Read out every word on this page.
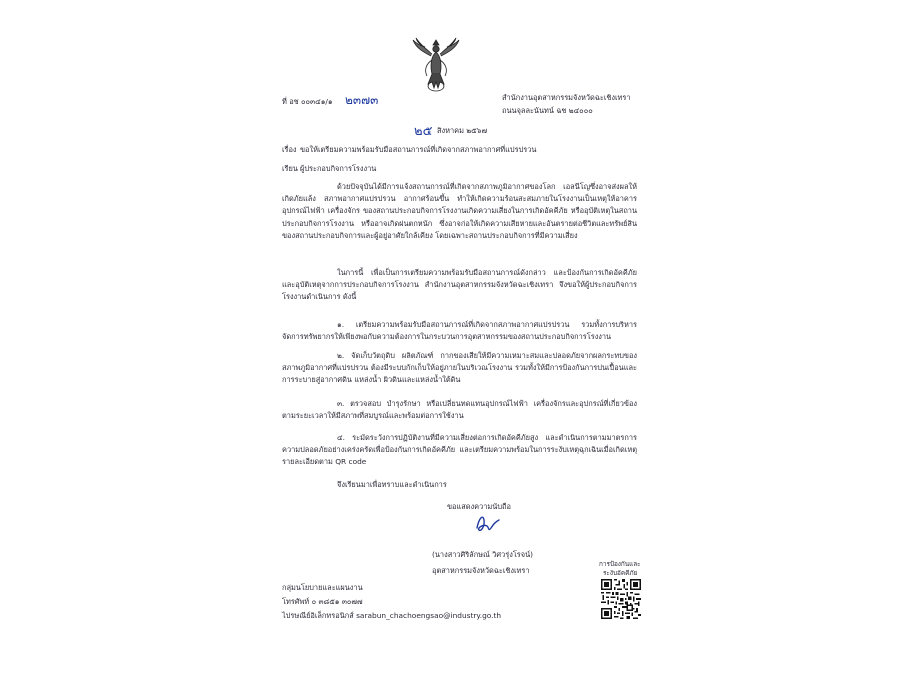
ที่ อช ๐๐๓๔๑/๑ ๒๓๗๓	สำนักงานอุตสาหกรรมจังหวัดฉะเชิงเทรา
ถนนจุลละนันทน์ ฉช ๒๔๐๐๐
๒๕ สิงหาคม ๒๕๖๗
เรื่อง ขอให้เตรียมความพร้อมรับมือสถานการณ์ที่เกิดจากสภาพอากาศที่แปรปรวน
เรียน ผู้ประกอบกิจการโรงงาน
ด้วยปัจจุบันได้มีการแจ้งสถานการณ์ที่เกิดจากสภาพภูมิอากาศของโลก เอลนีโญซึ่งอาจส่งผลให้เกิดภัยแล้ง สภาพอากาศแปรปรวน อากาศร้อนขึ้น ทำให้เกิดความร้อนสะสมภายในโรงงานเป็นเหตุให้อาคาร อุปกรณ์ไฟฟ้า เครื่องจักร ของสถานประกอบกิจการโรงงานเกิดความเสี่ยงในการเกิดอัคคีภัย หรืออุบัติเหตุในสถานประกอบกิจการโรงงาน หรืออาจเกิดฝนตกหนัก ซึ่งอาจก่อให้เกิดความเสียหายและอันตรายต่อชีวิตและทรัพย์สินของสถานประกอบกิจการและผู้อยู่อาศัยใกล้เคียง โดยเฉพาะสถานประกอบกิจการที่มีความเสี่ยง
ในการนี้ เพื่อเป็นการเตรียมความพร้อมรับมือสถานการณ์ดังกล่าว และป้องกันการเกิดอัคคีภัยและอุบัติเหตุจากการประกอบกิจการโรงงาน สำนักงานอุตสาหกรรมจังหวัดฉะเชิงเทรา จึงขอให้ผู้ประกอบกิจการโรงงานดำเนินการ ดังนี้
๑. เตรียมความพร้อมรับมือสถานการณ์ที่เกิดจากสภาพอากาศแปรปรวน รวมทั้งการบริหารจัดการทรัพยากรให้เพียงพอกับความต้องการในกระบวนการอุตสาหกรรมของสถานประกอบกิจการโรงงาน
๒. จัดเก็บวัตถุดิบ ผลิตภัณฑ์ กากของเสียให้มีความเหมาะสมและปลอดภัยจากผลกระทบของสภาพภูมิอากาศที่แปรปรวน ต้องมีระบบกักเก็บให้อยู่ภายในบริเวณโรงงาน รวมทั้งให้มีการป้องกันการปนเปื้อนและการระบายสู่อากาศดิน แหล่งน้ำ ผิวดินและแหล่งน้ำใต้ดิน
๓. ตรวจสอบ บำรุงรักษา หรือเปลี่ยนทดแทนอุปกรณ์ไฟฟ้า เครื่องจักรและอุปกรณ์ที่เกี่ยวข้องตามระยะเวลาให้มีสภาพที่สมบูรณ์และพร้อมต่อการใช้งาน
๔. ระมัดระวังการปฏิบัติงานที่มีความเสี่ยงต่อการเกิดอัคคีภัยสูง และดำเนินการตามมาตรการความปลอดภัยอย่างเคร่งครัดเพื่อป้องกันการเกิดอัคคีภัย และเตรียมความพร้อมในการระงับเหตุฉุกเฉินเมื่อเกิดเหตุ รายละเอียดตาม QR code
จึงเรียนมาเพื่อทราบและดำเนินการ
ขอแสดงความนับถือ
(นางสาวศิริลักษณ์ วิศวรุ่งโรจน์)
อุตสาหกรรมจังหวัดฉะเชิงเทรา
กลุ่มนโยบายและแผนงาน
โทรศัพท์ ๐ ๓๘๕๑ ๓๐๗๗
ไปรษณีย์อิเล็กทรอนิกส์ sarabun_chachoengsao@industry.go.th
การป้องกันและ
ระงับอัคคีภัย
